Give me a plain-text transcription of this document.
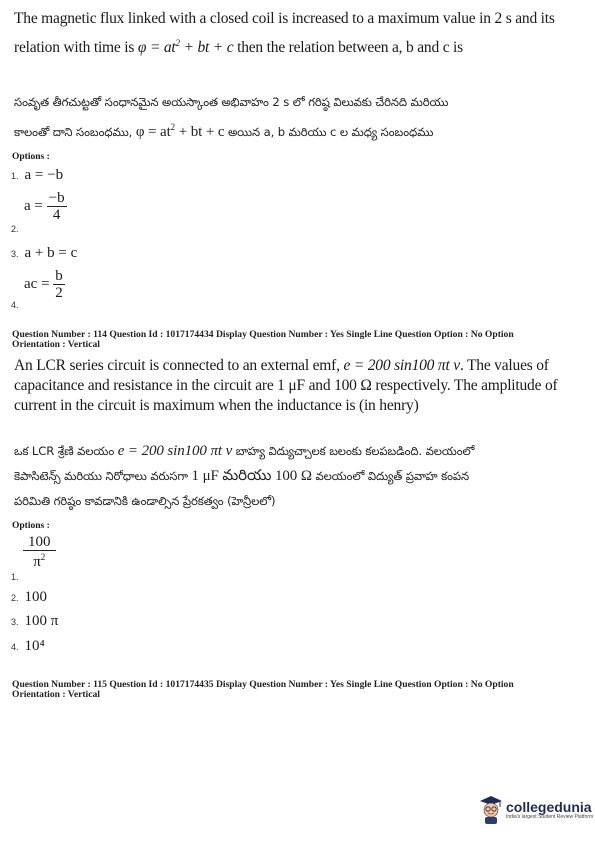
The magnetic flux linked with a closed coil is increased to a maximum value in 2 s and its
relation with time is $\varphi = at^2$ + bt + c then the relation between a, b and c is
సంవృత తీగచుట్టతో సంధానమైన అయస్కాంత అభివాహం 2 s లో గరిష్ఠ విలువకు చేరినది మరియు
కాలంతో దాని సంబంధము, $\varphi = at^2$ + bt + c అయిన a, b మరియు c ల మధ్య సంబంధము
Options :
1. a = −b
$a = \frac{-b}{4}$
2.
3. a + b = c
ac = $\frac{b}{2}$
4.
Question Number : 114 Question Id : 1017174434 Display Question Number : Yes Single Line Question Option : No Option
Orientation : Vertical
An LCR series circuit is connected to an external emf, e = 200 sin100 πt v. The values of
capacitance and resistance in the circuit are 1 μF and 100 Ω respectively. The amplitude of
current in the circuit is maximum when the inductance is (in henry)
ఒక LCR శ్రేణి వలయం e = 200 sin100 πt v బాహ్య విద్యుచ్చాలక బలంకు కలపబడింది. వలయంలో
కెపాసిటెన్స్ మరియు నిరోధాలు వరుసగా 1 μF మరియు 100 Ω వలయంలో విద్యుత్ ప్రవాహ కంపన
పరిమితి గరిష్ఠం కావడానికి ఉండాల్సిన ప్రేరకత్వం (హెన్రీలలో)
Options :
$\frac{100}{\pi^2}$
1.
2. 100
3. 100 π
4. 10⁴
Question Number : 115 Question Id : 1017174435 Display Question Number : Yes Single Line Question Option : No Option
Orientation : Vertical
collegedunia
India's largest Student Review Platform
